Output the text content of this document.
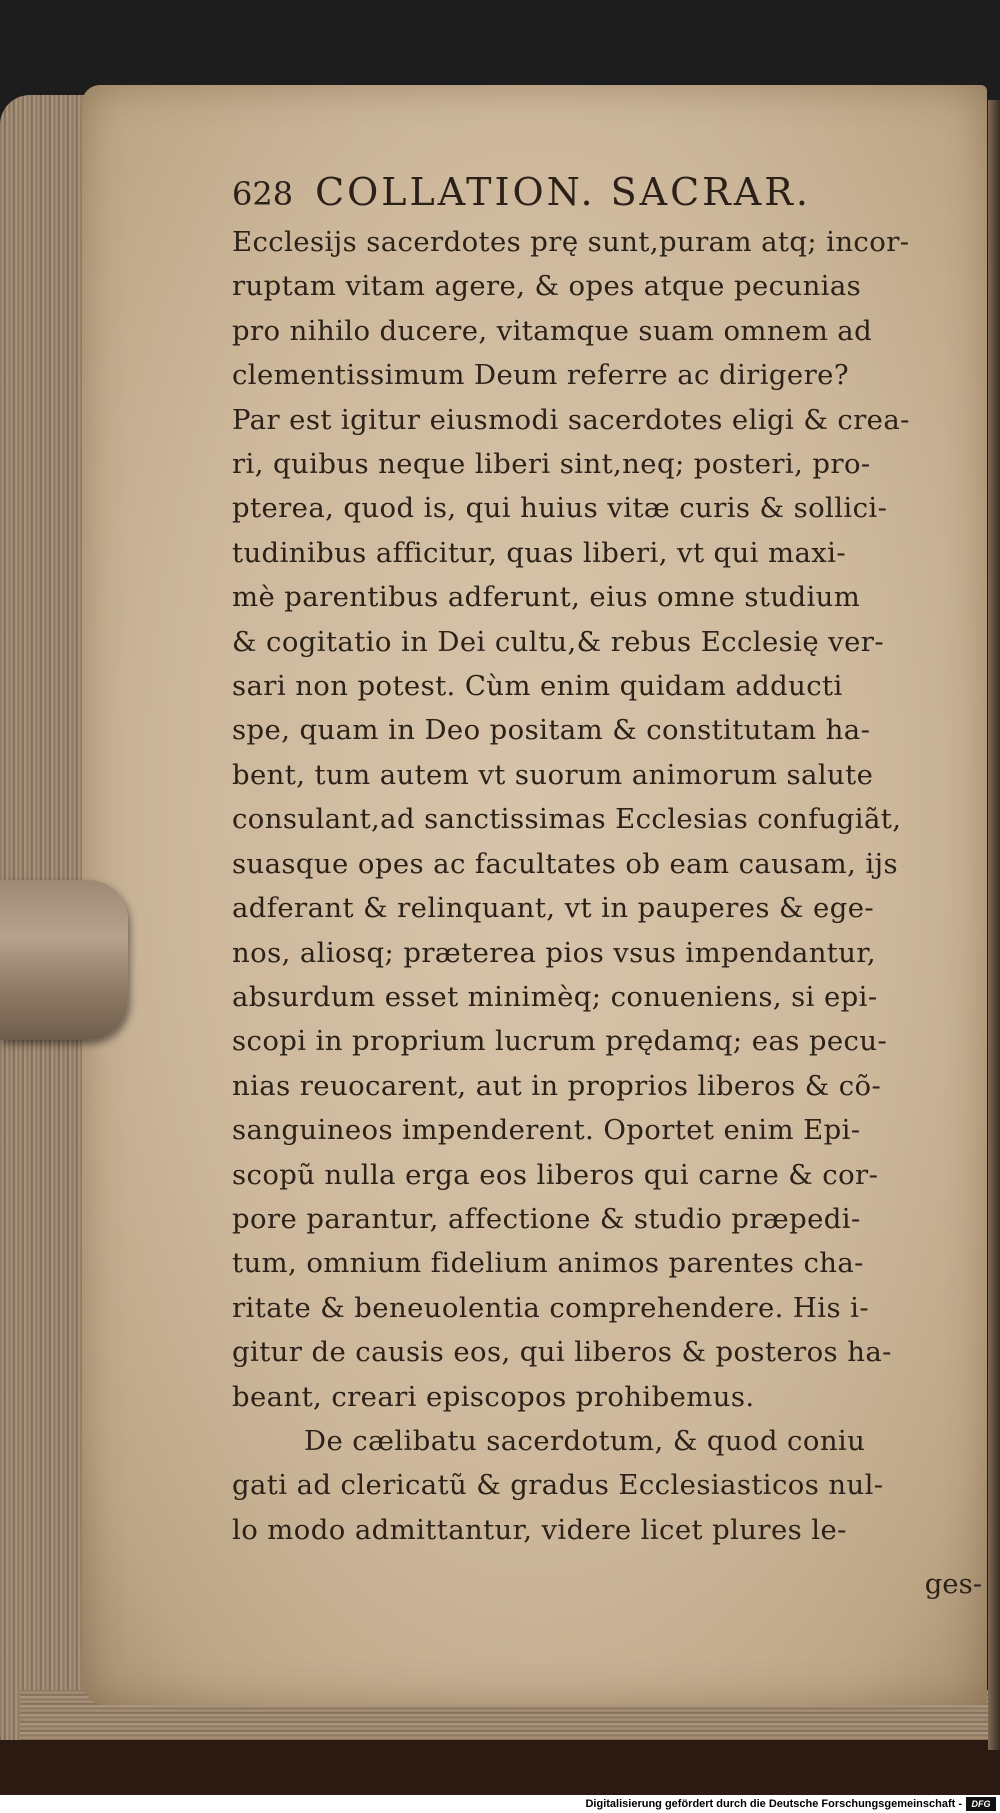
628 COLLATION. SACRAR.
Ecclesijs sacerdotes prę sunt,puram atq; incor-
ruptam vitam agere, & opes atque pecunias
pro nihilo ducere, vitamque suam omnem ad
clementissimum Deum referre ac dirigere?
Par est igitur eiusmodi sacerdotes eligi & crea-
ri, quibus neque liberi sint,neq; posteri, pro-
pterea, quod is, qui huius vitæ curis & sollici-
tudinibus afficitur, quas liberi, vt qui maxi-
mè parentibus adferunt, eius omne studium
& cogitatio in Dei cultu,& rebus Ecclesię ver-
sari non potest. Cùm enim quidam adducti
spe, quam in Deo positam & constitutam ha-
bent, tum autem vt suorum animorum salute
consulant,ad sanctissimas Ecclesias confugiãt,
suasque opes ac facultates ob eam causam, ijs
adferant & relinquant, vt in pauperes & ege-
nos, aliosq; præterea pios vsus impendantur,
absurdum esset minimèq; conueniens, si epi-
scopi in proprium lucrum prędamq; eas pecu-
nias reuocarent, aut in proprios liberos & cõ-
sanguineos impenderent. Oportet enim Epi-
scopũ nulla erga eos liberos qui carne & cor-
pore parantur, affectione & studio præpedi-
tum, omnium fidelium animos parentes cha-
ritate & beneuolentia comprehendere. His i-
gitur de causis eos, qui liberos & posteros ha-
beant, creari episcopos prohibemus.
De cælibatu sacerdotum, & quod coniu
gati ad clericatũ & gradus Ecclesiasticos nul-
lo modo admittantur, videre licet plures le-
ges-
Digitalisierung gefördert durch die Deutsche Forschungsgemeinschaft -	DFG
